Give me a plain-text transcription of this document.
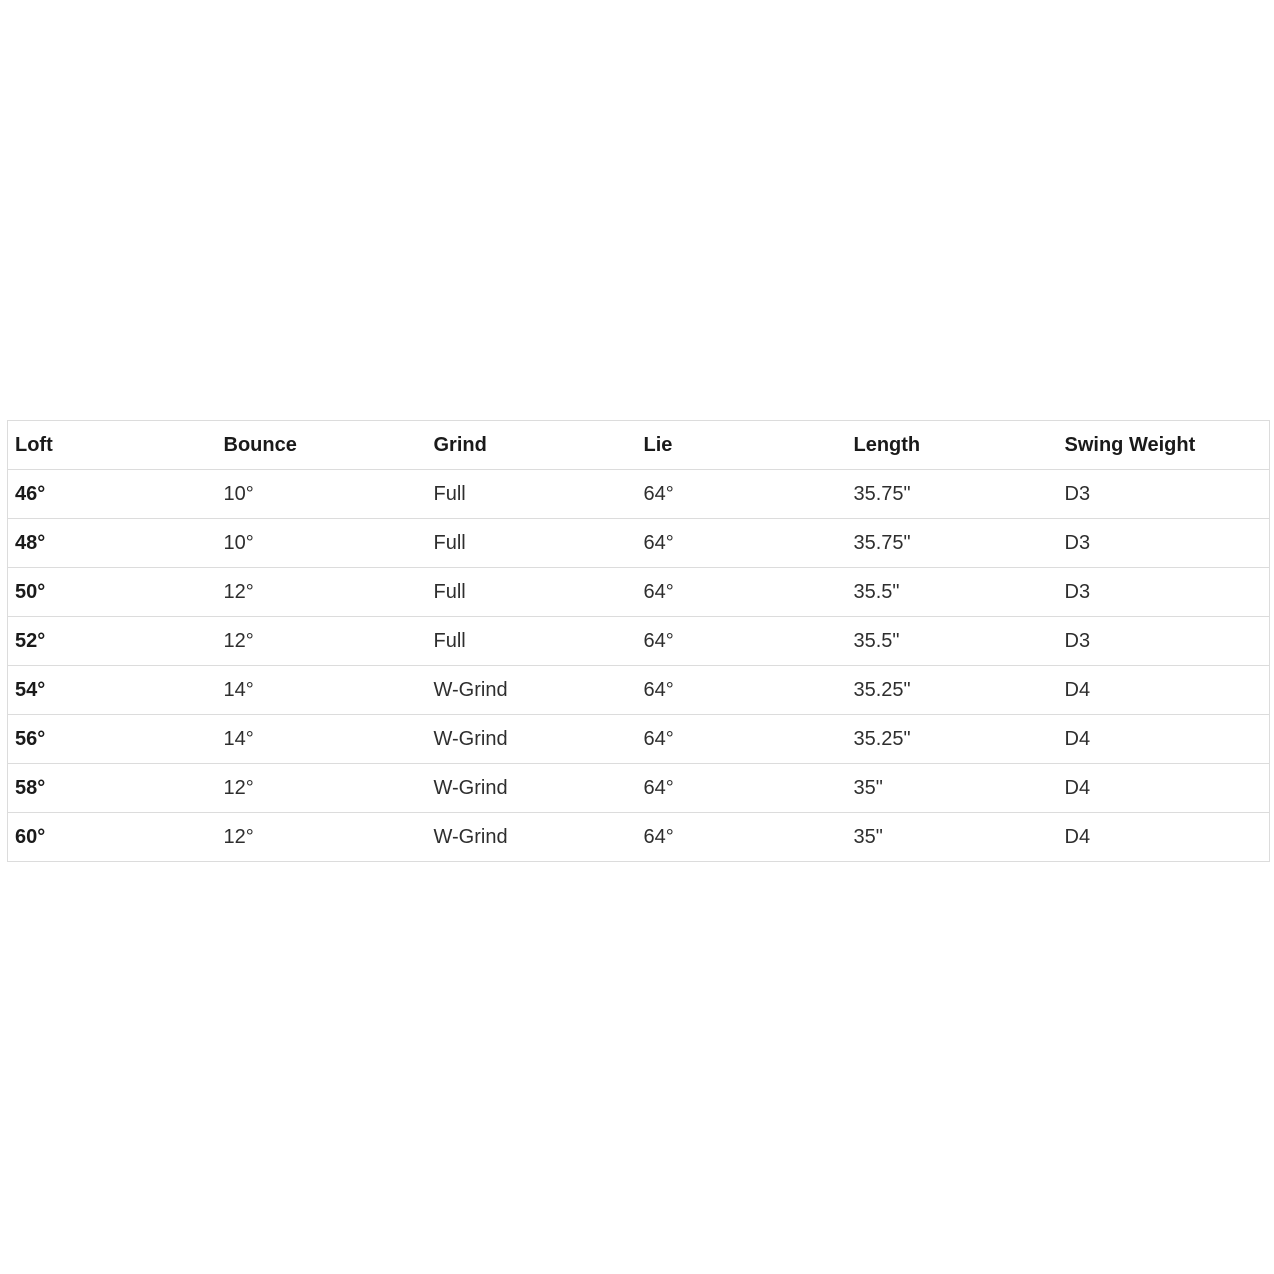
Loft	Bounce	Grind	Lie	Length	Swing Weight
46°	10°	Full	64°	35.75"	D3
48°	10°	Full	64°	35.75"	D3
50°	12°	Full	64°	35.5"	D3
52°	12°	Full	64°	35.5"	D3
54°	14°	W-Grind	64°	35.25"	D4
56°	14°	W-Grind	64°	35.25"	D4
58°	12°	W-Grind	64°	35"	D4
60°	12°	W-Grind	64°	35"	D4
